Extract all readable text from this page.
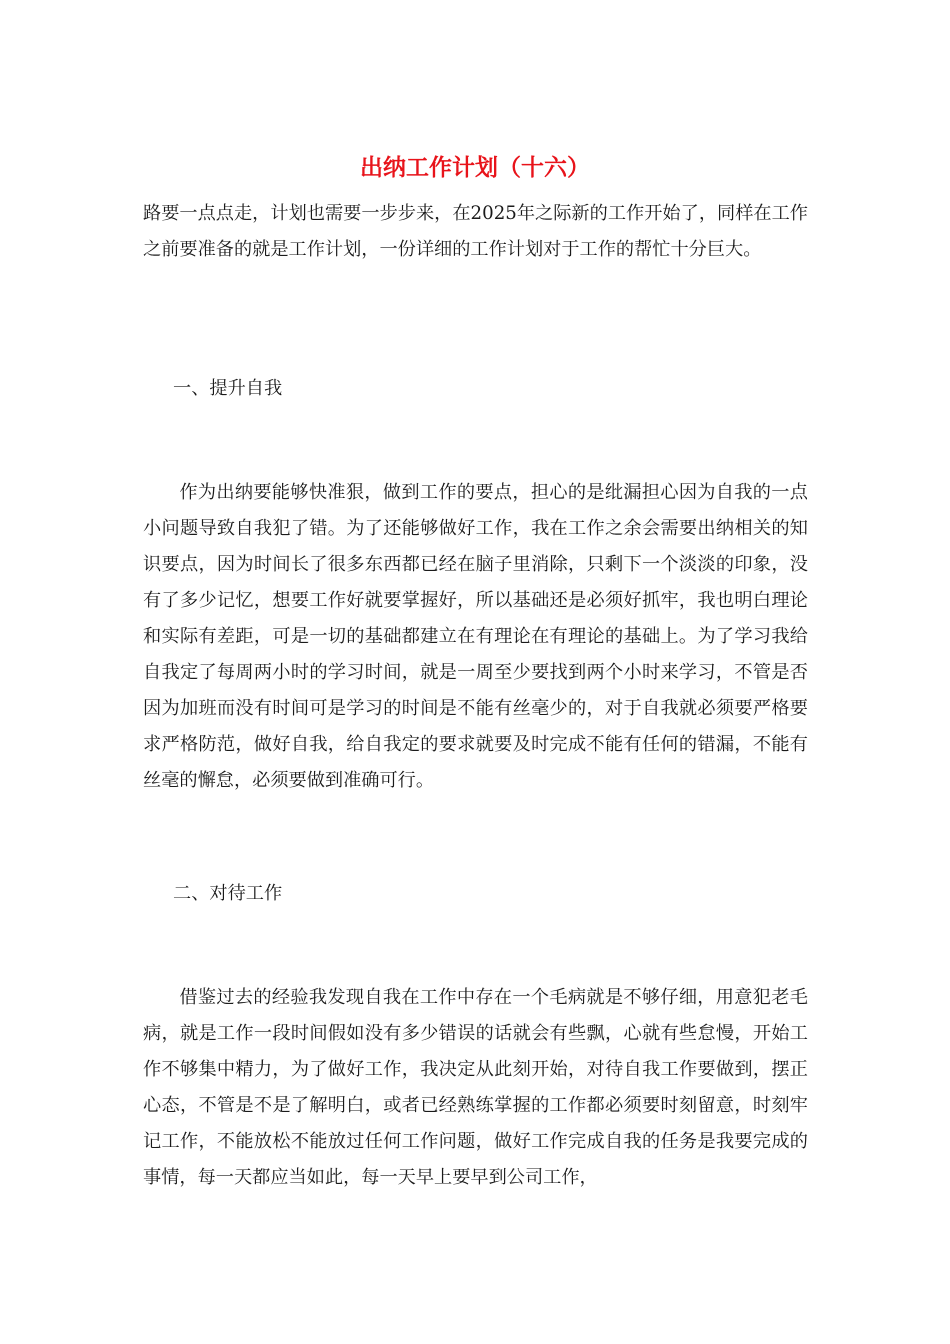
出纳工作计划（十六）

路要一点点走，计划也需要一步步来，在2025年之际新的工作开始了，同样在工作之前要准备的就是工作计划，一份详细的工作计划对于工作的帮忙十分巨大。

一、提升自我

作为出纳要能够快准狠，做到工作的要点，担心的是纰漏担心因为自我的一点小问题导致自我犯了错。为了还能够做好工作，我在工作之余会需要出纳相关的知识要点，因为时间长了很多东西都已经在脑子里消除，只剩下一个淡淡的印象，没有了多少记忆，想要工作好就要掌握好，所以基础还是必须好抓牢，我也明白理论和实际有差距，可是一切的基础都建立在有理论在有理论的基础上。为了学习我给自我定了每周两小时的学习时间，就是一周至少要找到两个小时来学习，不管是否因为加班而没有时间可是学习的时间是不能有丝毫少的，对于自我就必须要严格要求严格防范，做好自我，给自我定的要求就要及时完成不能有任何的错漏，不能有丝毫的懈怠，必须要做到准确可行。

二、对待工作

借鉴过去的经验我发现自我在工作中存在一个毛病就是不够仔细，用意犯老毛病，就是工作一段时间假如没有多少错误的话就会有些飘，心就有些怠慢，开始工作不够集中精力，为了做好工作，我决定从此刻开始，对待自我工作要做到，摆正心态，不管是不是了解明白，或者已经熟练掌握的工作都必须要时刻留意，时刻牢记工作，不能放松不能放过任何工作问题，做好工作完成自我的任务是我要完成的事情，每一天都应当如此，每一天早上要早到公司工作，
